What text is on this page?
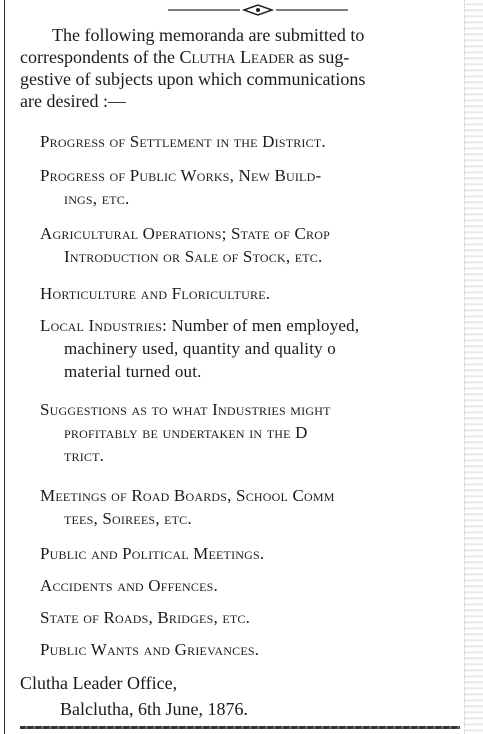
The following memoranda are submitted to
correspondents of the Clutha Leader as sug-
gestive of subjects upon which communications
are desired :—
Progress of Settlement in the District.
Progress of Public Works, New Build-
ings, etc.
Agricultural Operations; State of Crop
Introduction or Sale of Stock, etc.
Horticulture and Floriculture.
Local Industries: Number of men employed,
machinery used, quantity and quality o
material turned out.
Suggestions as to what Industries might
profitably be undertaken in the D
trict.
Meetings of Road Boards, School Comm
tees, Soirees, etc.
Public and Political Meetings.
Accidents and Offences.
State of Roads, Bridges, etc.
Public Wants and Grievances.
Clutha Leader Office,
Balclutha, 6th June, 1876.
